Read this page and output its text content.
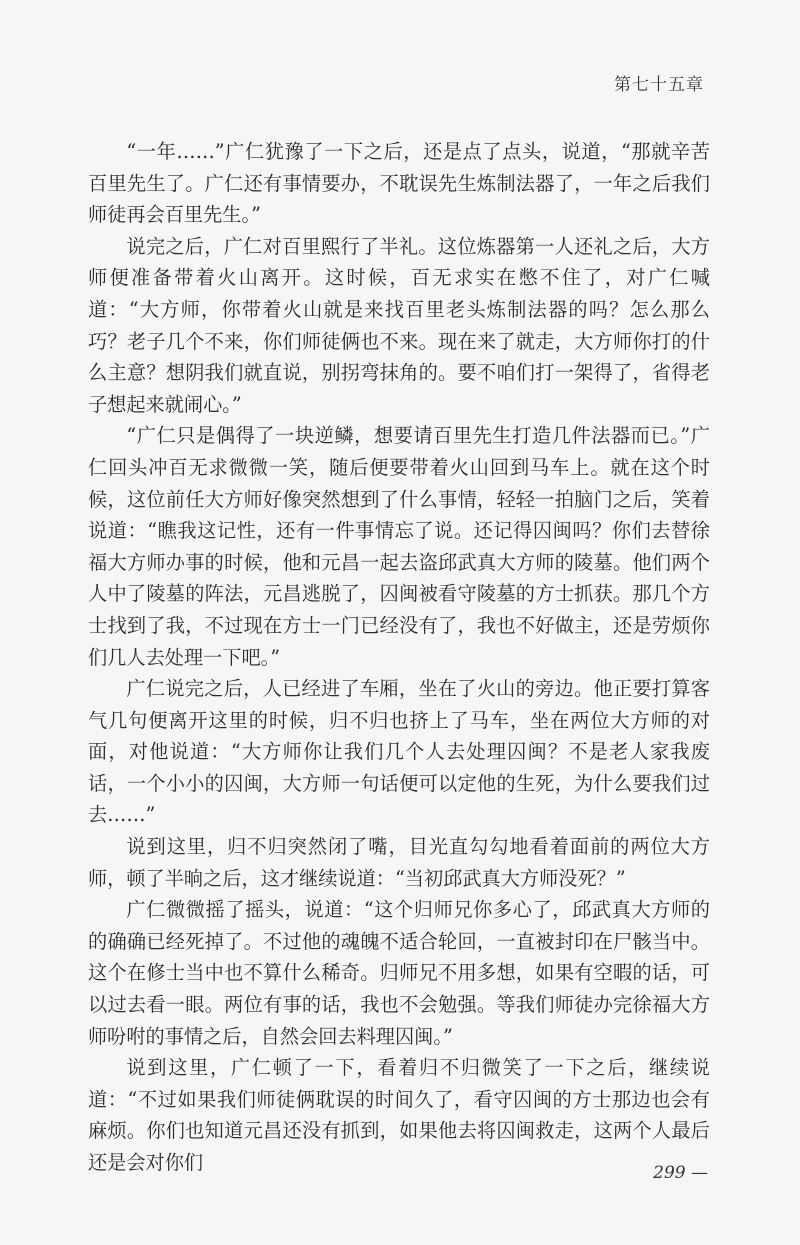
第七十五章

“一年……”广仁犹豫了一下之后，还是点了点头，说道，“那就辛苦百里先生了。广仁还有事情要办，不耽误先生炼制法器了，一年之后我们师徒再会百里先生。”

说完之后，广仁对百里熙行了半礼。这位炼器第一人还礼之后，大方师便准备带着火山离开。这时候，百无求实在憋不住了，对广仁喊道：“大方师，你带着火山就是来找百里老头炼制法器的吗？怎么那么巧？老子几个不来，你们师徒俩也不来。现在来了就走，大方师你打的什么主意？想阴我们就直说，别拐弯抹角的。要不咱们打一架得了，省得老子想起来就闹心。”

“广仁只是偶得了一块逆鳞，想要请百里先生打造几件法器而已。”广仁回头冲百无求微微一笑，随后便要带着火山回到马车上。就在这个时候，这位前任大方师好像突然想到了什么事情，轻轻一拍脑门之后，笑着说道：“瞧我这记性，还有一件事情忘了说。还记得囚闽吗？你们去替徐福大方师办事的时候，他和元昌一起去盗邱武真大方师的陵墓。他们两个人中了陵墓的阵法，元昌逃脱了，囚闽被看守陵墓的方士抓获。那几个方士找到了我，不过现在方士一门已经没有了，我也不好做主，还是劳烦你们几人去处理一下吧。”

广仁说完之后，人已经进了车厢，坐在了火山的旁边。他正要打算客气几句便离开这里的时候，归不归也挤上了马车，坐在两位大方师的对面，对他说道：“大方师你让我们几个人去处理囚闽？不是老人家我废话，一个小小的囚闽，大方师一句话便可以定他的生死，为什么要我们过去……”

说到这里，归不归突然闭了嘴，目光直勾勾地看着面前的两位大方师，顿了半晌之后，这才继续说道：“当初邱武真大方师没死？”

广仁微微摇了摇头，说道：“这个归师兄你多心了，邱武真大方师的的确确已经死掉了。不过他的魂魄不适合轮回，一直被封印在尸骸当中。这个在修士当中也不算什么稀奇。归师兄不用多想，如果有空暇的话，可以过去看一眼。两位有事的话，我也不会勉强。等我们师徒办完徐福大方师吩咐的事情之后，自然会回去料理囚闽。”

说到这里，广仁顿了一下，看着归不归微笑了一下之后，继续说道：“不过如果我们师徒俩耽误的时间久了，看守囚闽的方士那边也会有麻烦。你们也知道元昌还没有抓到，如果他去将囚闽救走，这两个人最后还是会对你们	299 —
